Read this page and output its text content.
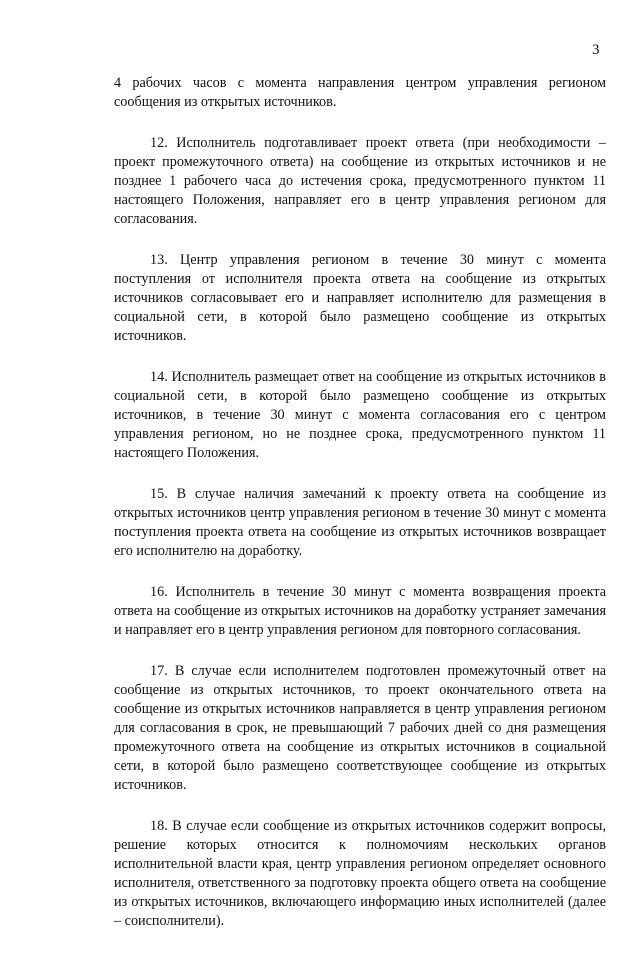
3

4 рабочих часов с момента направления центром управления регионом сообщения из открытых источников.

12. Исполнитель подготавливает проект ответа (при необходимости – проект промежуточного ответа) на сообщение из открытых источников и не позднее 1 рабочего часа до истечения срока, предусмотренного пунктом 11 настоящего Положения, направляет его в центр управления регионом для согласования.

13. Центр управления регионом в течение 30 минут с момента поступления от исполнителя проекта ответа на сообщение из открытых источников согласовывает его и направляет исполнителю для размещения в социальной сети, в которой было размещено сообщение из открытых источников.

14. Исполнитель размещает ответ на сообщение из открытых источников в социальной сети, в которой было размещено сообщение из открытых источников, в течение 30 минут с момента согласования его с центром управления регионом, но не позднее срока, предусмотренного пунктом 11 настоящего Положения.

15. В случае наличия замечаний к проекту ответа на сообщение из открытых источников центр управления регионом в течение 30 минут с момента поступления проекта ответа на сообщение из открытых источников возвращает его исполнителю на доработку.

16. Исполнитель в течение 30 минут с момента возвращения проекта ответа на сообщение из открытых источников на доработку устраняет замечания и направляет его в центр управления регионом для повторного согласования.

17. В случае если исполнителем подготовлен промежуточный ответ на сообщение из открытых источников, то проект окончательного ответа на сообщение из открытых источников направляется в центр управления регионом для согласования в срок, не превышающий 7 рабочих дней со дня размещения промежуточного ответа на сообщение из открытых источников в социальной сети, в которой было размещено соответствующее сообщение из открытых источников.

18. В случае если сообщение из открытых источников содержит вопросы, решение которых относится к полномочиям нескольких органов исполнительной власти края, центр управления регионом определяет основного исполнителя, ответственного за подготовку проекта общего ответа на сообщение из открытых источников, включающего информацию иных исполнителей (далее – соисполнители).
